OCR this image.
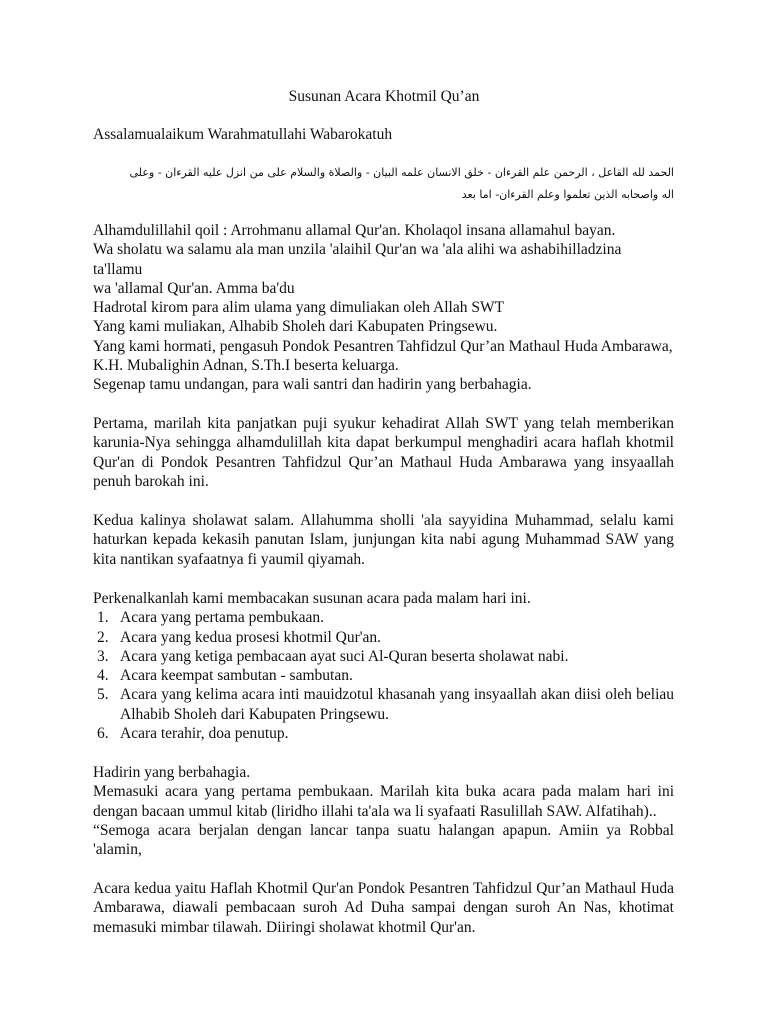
Susunan Acara Khotmil Qu’an

Assalamualaikum Warahmatullahi Wabarokatuh

الحمد لله القاعل ، الرحمن علم القرءان - خلق الانسان علمه البيان - والصلاة والسلام على من انزل عليه القرءان - وعلى
اله واصحابه الذين تعلموا وعلم القرءان- اما بعد
Alhamdulillahil qoil : Arrohmanu allamal Qur'an. Kholaqol insana allamahul bayan.
Wa sholatu wa salamu ala man unzila 'alaihil Qur'an wa 'ala alihi wa ashabihilladzina ta'llamu
wa 'allamal Qur'an. Amma ba'du
Hadrotal kirom para alim ulama yang dimuliakan oleh Allah SWT
Yang kami muliakan, Alhabib Sholeh dari Kabupaten Pringsewu.
Yang kami hormati, pengasuh Pondok Pesantren Tahfidzul Qur’an Mathaul Huda Ambarawa,
K.H. Mubalighin Adnan, S.Th.I beserta keluarga.
Segenap tamu undangan, para wali santri dan hadirin yang berbahagia.

Pertama, marilah kita panjatkan puji syukur kehadirat Allah SWT yang telah memberikan karunia-Nya sehingga alhamdulillah kita dapat berkumpul menghadiri acara haflah khotmil Qur'an di Pondok Pesantren Tahfidzul Qur’an Mathaul Huda Ambarawa yang insyaallah penuh barokah ini.

Kedua kalinya sholawat salam. Allahumma sholli 'ala sayyidina Muhammad, selalu kami haturkan kepada kekasih panutan Islam, junjungan kita nabi agung Muhammad SAW yang kita nantikan syafaatnya fi yaumil qiyamah.

Perkenalkanlah kami membacakan susunan acara pada malam hari ini.
1. Acara yang pertama pembukaan.
2. Acara yang kedua prosesi khotmil Qur'an.
3. Acara yang ketiga pembacaan ayat suci Al-Quran beserta sholawat nabi.
4. Acara keempat sambutan - sambutan.
5. Acara yang kelima acara inti mauidzotul khasanah yang insyaallah akan diisi oleh beliau Alhabib Sholeh dari Kabupaten Pringsewu.
6. Acara terahir, doa penutup.
Hadirin yang berbahagia.

Memasuki acara yang pertama pembukaan. Marilah kita buka acara pada malam hari ini dengan bacaan ummul kitab (liridho illahi ta'ala wa li syafaati Rasulillah SAW. Alfatihah)..

“Semoga acara berjalan dengan lancar tanpa suatu halangan apapun. Amiin ya Robbal 'alamin,

Acara kedua yaitu Haflah Khotmil Qur'an Pondok Pesantren Tahfidzul Qur’an Mathaul Huda Ambarawa, diawali pembacaan suroh Ad Duha sampai dengan suroh An Nas, khotimat memasuki mimbar tilawah. Diiringi sholawat khotmil Qur'an.
